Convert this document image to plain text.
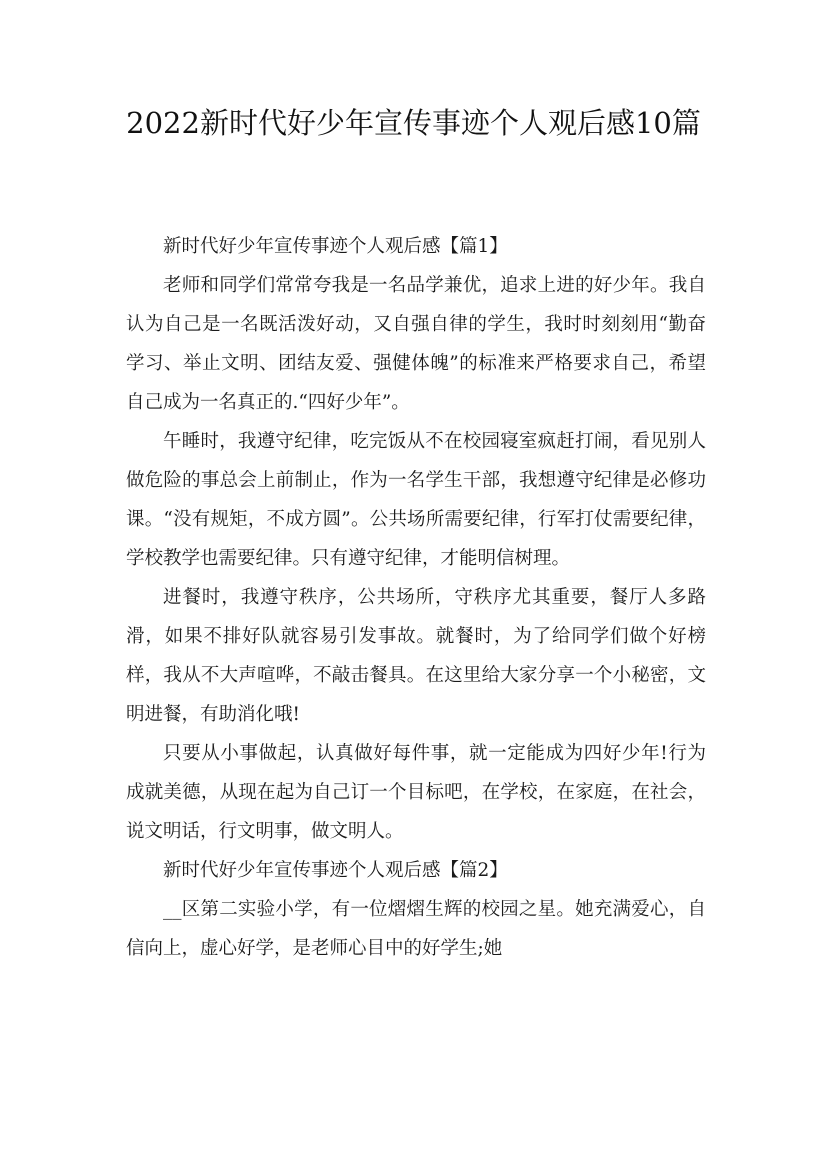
2022新时代好少年宣传事迹个人观后感10篇

新时代好少年宣传事迹个人观后感【篇1】

老师和同学们常常夸我是一名品学兼优，追求上进的好少年。我自认为自己是一名既活泼好动，又自强自律的学生，我时时刻刻用“勤奋学习、举止文明、团结友爱、强健体魄”的标准来严格要求自己，希望自己成为一名真正的.“四好少年”。

午睡时，我遵守纪律，吃完饭从不在校园寝室疯赶打闹，看见别人做危险的事总会上前制止，作为一名学生干部，我想遵守纪律是必修功课。“没有规矩，不成方圆”。公共场所需要纪律，行军打仗需要纪律，学校教学也需要纪律。只有遵守纪律，才能明信树理。

进餐时，我遵守秩序，公共场所，守秩序尤其重要，餐厅人多路滑，如果不排好队就容易引发事故。就餐时，为了给同学们做个好榜样，我从不大声喧哗，不敲击餐具。在这里给大家分享一个小秘密，文明进餐，有助消化哦!

只要从小事做起，认真做好每件事，就一定能成为四好少年!行为成就美德，从现在起为自己订一个目标吧，在学校，在家庭，在社会，说文明话，行文明事，做文明人。

新时代好少年宣传事迹个人观后感【篇2】

__区第二实验小学，有一位熠熠生辉的校园之星。她充满爱心，自信向上，虚心好学，是老师心目中的好学生;她
